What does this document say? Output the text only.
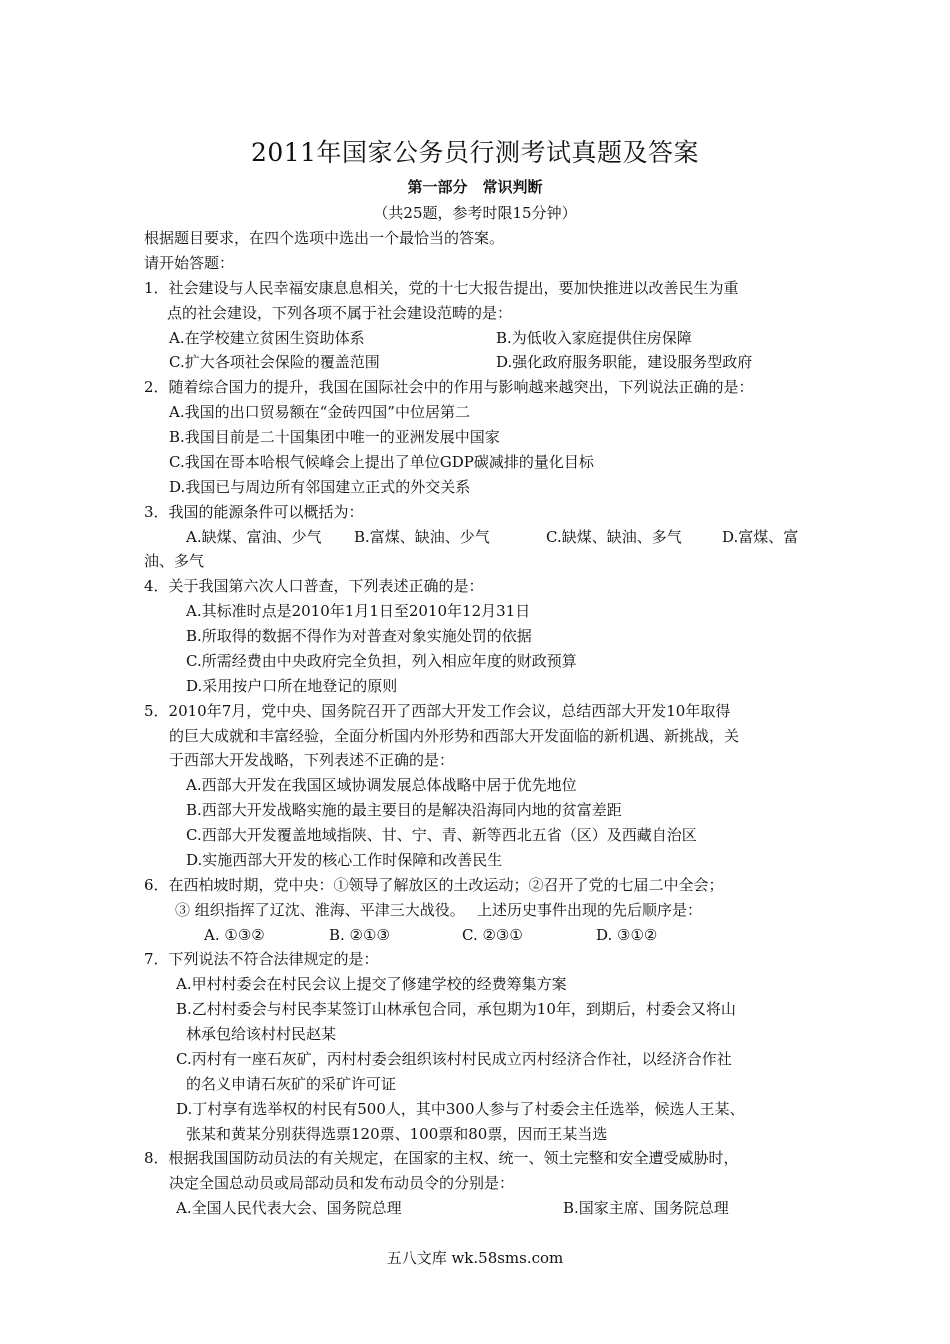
2011年国家公务员行测考试真题及答案
第一部分　常识判断
（共25题，参考时限15分钟）
根据题目要求，在四个选项中选出一个最恰当的答案。
请开始答题：
1．社会建设与人民幸福安康息息相关，党的十七大报告提出，要加快推进以改善民生为重
点的社会建设，下列各项不属于社会建设范畴的是：
A.在学校建立贫困生资助体系	B.为低收入家庭提供住房保障
C.扩大各项社会保险的覆盖范围	D.强化政府服务职能，建设服务型政府
2．随着综合国力的提升，我国在国际社会中的作用与影响越来越突出，下列说法正确的是：
A.我国的出口贸易额在“金砖四国”中位居第二
B.我国目前是二十国集团中唯一的亚洲发展中国家
C.我国在哥本哈根气候峰会上提出了单位GDP碳减排的量化目标
D.我国已与周边所有邻国建立正式的外交关系
3．我国的能源条件可以概括为：
A.缺煤、富油、少气 B.富煤、缺油、少气	C.缺煤、缺油、多气	D.富煤、富
油、多气
4．关于我国第六次人口普查，下列表述正确的是：
A.其标准时点是2010年1月1日至2010年12月31日
B.所取得的数据不得作为对普查对象实施处罚的依据
C.所需经费由中央政府完全负担，列入相应年度的财政预算
D.采用按户口所在地登记的原则
5．2010年7月，党中央、国务院召开了西部大开发工作会议，总结西部大开发10年取得
的巨大成就和丰富经验，全面分析国内外形势和西部大开发面临的新机遇、新挑战，关
于西部大开发战略，下列表述不正确的是：
A.西部大开发在我国区域协调发展总体战略中居于优先地位
B.西部大开发战略实施的最主要目的是解决沿海同内地的贫富差距
C.西部大开发覆盖地域指陕、甘、宁、青、新等西北五省（区）及西藏自治区
D.实施西部大开发的核心工作时保障和改善民生
6．在西柏坡时期，党中央：①领导了解放区的土改运动；②召开了党的七届二中全会；
③ 组织指挥了辽沈、淮海、平津三大战役。　 上述历史事件出现的先后顺序是：
A. ①③②	B. ②①③	C. ②③①	D. ③①②
7．下列说法不符合法律规定的是：
A.甲村村委会在村民会议上提交了修建学校的经费筹集方案
B.乙村村委会与村民李某签订山林承包合同，承包期为10年，到期后，村委会又将山
林承包给该村村民赵某
C.丙村有一座石灰矿，丙村村委会组织该村村民成立丙村经济合作社，以经济合作社
的名义申请石灰矿的采矿许可证
D.丁村享有选举权的村民有500人，其中300人参与了村委会主任选举，候选人王某、
张某和黄某分别获得选票120票、100票和80票，因而王某当选
8．根据我国国防动员法的有关规定，在国家的主权、统一、领土完整和安全遭受威胁时，
决定全国总动员或局部动员和发布动员令的分别是：
A.全国人民代表大会、国务院总理	B.国家主席、国务院总理
五八文库 wk.58sms.com
